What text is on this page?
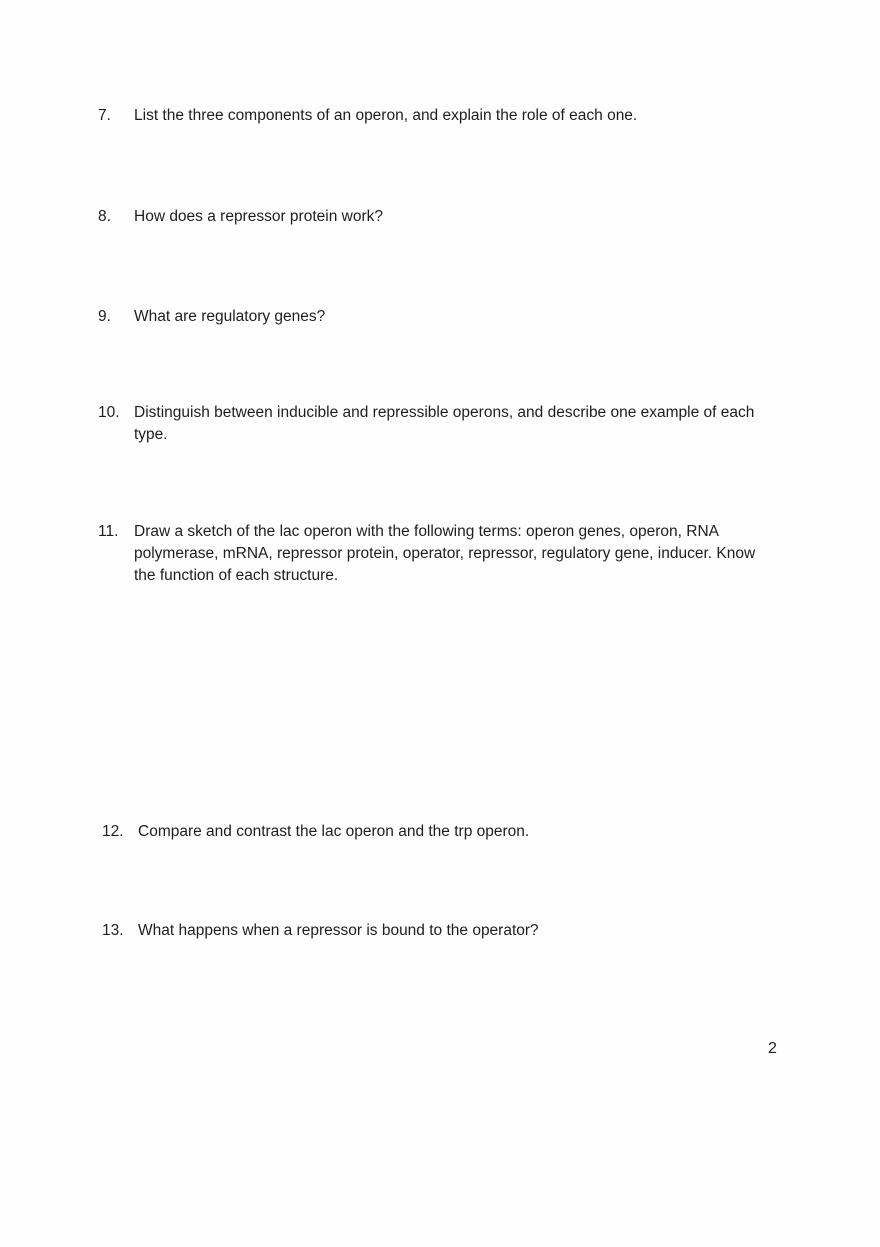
7.	List the three components of an operon, and explain the role of each one.
8.	How does a repressor protein work?
9.	What are regulatory genes?
10. Distinguish between inducible and repressible operons, and describe one example of each type.
11.	Draw a sketch of the lac operon with the following terms: operon genes, operon, RNA polymerase, mRNA, repressor protein, operator, repressor, regulatory gene, inducer. Know the function of each structure.
12. Compare and contrast the lac operon and the trp operon.
13. What happens when a repressor is bound to the operator?
2
